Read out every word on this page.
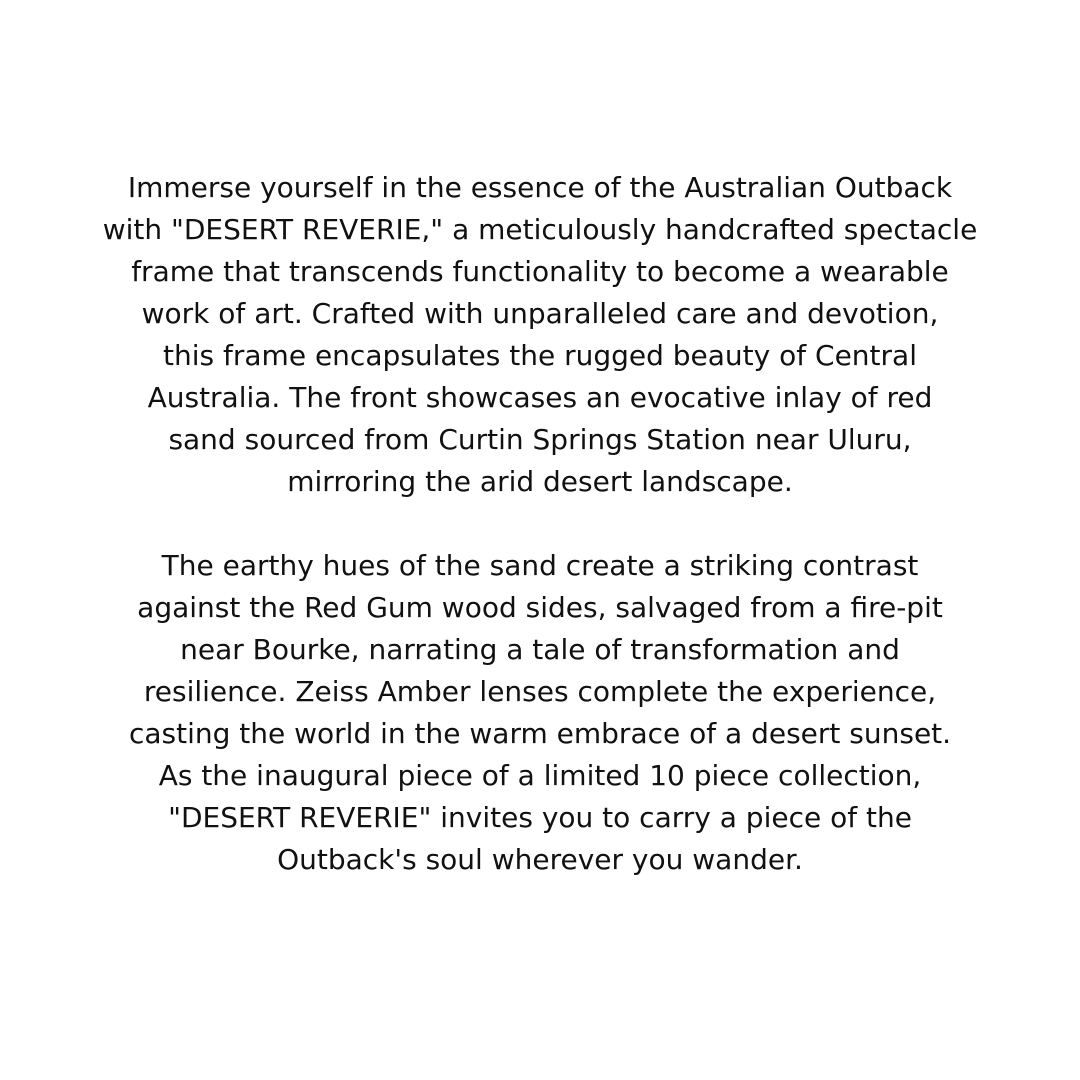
Immerse yourself in the essence of the Australian Outback
with "DESERT REVERIE," a meticulously handcrafted spectacle
frame that transcends functionality to become a wearable
work of art. Crafted with unparalleled care and devotion,
this frame encapsulates the rugged beauty of Central
Australia. The front showcases an evocative inlay of red
sand sourced from Curtin Springs Station near Uluru,
mirroring the arid desert landscape.
The earthy hues of the sand create a striking contrast
against the Red Gum wood sides, salvaged from a fire-pit
near Bourke, narrating a tale of transformation and
resilience. Zeiss Amber lenses complete the experience,
casting the world in the warm embrace of a desert sunset.
As the inaugural piece of a limited 10 piece collection,
"DESERT REVERIE" invites you to carry a piece of the
Outback's soul wherever you wander.
